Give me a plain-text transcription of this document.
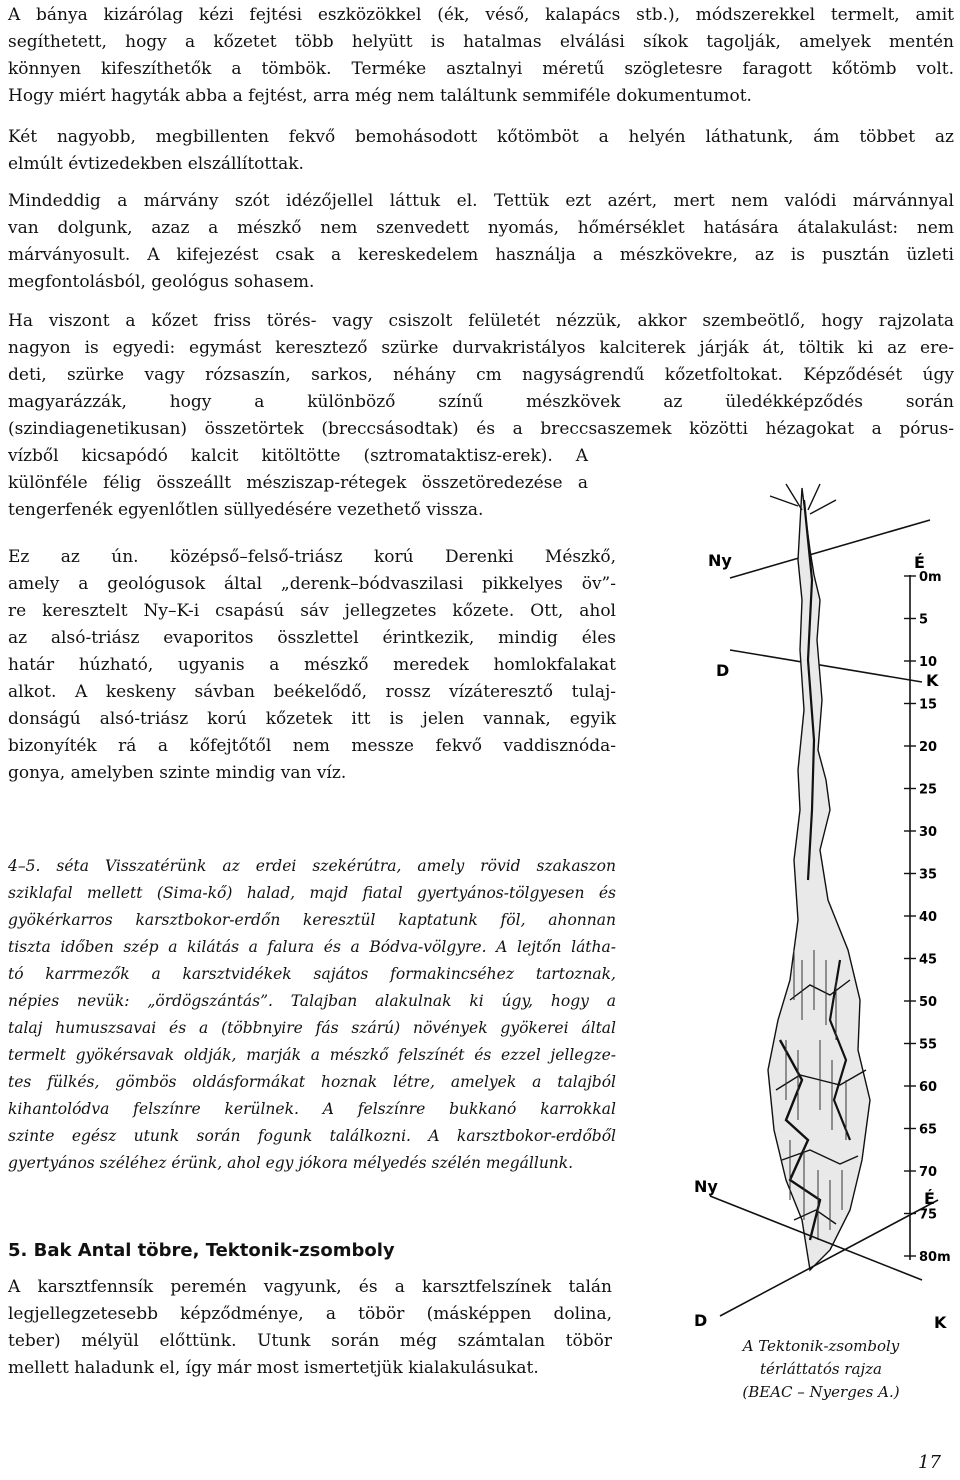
A bánya kizárólag kézi fejtési eszközökkel (ék, véső, kalapács stb.), módszerekkel termelt, amit
segíthetett, hogy a kőzetet több helyütt is hatalmas elválási síkok tagolják, amelyek mentén
könnyen kifeszíthetők a tömbök. Terméke asztalnyi méretű szögletesre faragott kőtömb volt.
Hogy miért hagyták abba a fejtést, arra még nem találtunk semmiféle dokumentumot.
Két nagyobb, megbillenten fekvő bemohásodott kőtömböt a helyén láthatunk, ám többet az
elmúlt évtizedekben elszállítottak.
Mindeddig a márvány szót idézőjellel láttuk el. Tettük ezt azért, mert nem valódi márvánnyal
van dolgunk, azaz a mészkő nem szenvedett nyomás, hőmérséklet hatására átalakulást: nem
márványosult. A kifejezést csak a kereskedelem használja a mészkövekre, az is pusztán üzleti
megfontolásból, geológus sohasem.
Ha viszont a kőzet friss törés- vagy csiszolt felületét nézzük, akkor szembeötlő, hogy rajzolata
nagyon is egyedi: egymást keresztező szürke durvakristályos kalciterek járják át, töltik ki az ere-
deti, szürke vagy rózsaszín, sarkos, néhány cm nagyságrendű kőzetfoltokat. Képződését úgy
magyarázzák, hogy a különböző színű mészkövek az üledékképződés során
(szindiagenetikusan) összetörtek (breccsásodtak) és a breccsaszemek közötti hézagokat a pórus-
vízből kicsapódó kalcit kitöltötte (sztromataktisz-erek). A
különféle félig összeállt mésziszap-rétegek összetöredezése a
tengerfenék egyenlőtlen süllyedésére vezethető vissza.
Ez az ún. középső–felső-triász korú Derenki Mészkő,
amely a geológusok által „derenk–bódvaszilasi pikkelyes öv”-
re keresztelt Ny–K-i csapású sáv jellegzetes kőzete. Ott, ahol
az alsó-triász evaporitos összlettel érintkezik, mindig éles
határ húzható, ugyanis a mészkő meredek homlokfalakat
alkot. A keskeny sávban beékelődő, rossz vízáteresztő tulaj-
donságú alsó-triász korú kőzetek itt is jelen vannak, egyik
bizonyíték rá a kőfejtőtől nem messze fekvő vaddisznóda-
gonya, amelyben szinte mindig van víz.
4–5. séta Visszatérünk az erdei szekérútra, amely rövid szakaszon
sziklafal mellett (Sima-kő) halad, majd fiatal gyertyános-tölgyesen és
gyökérkarros karsztbokor-erdőn keresztül kaptatunk föl, ahonnan
tiszta időben szép a kilátás a falura és a Bódva-völgyre. A lejtőn látha-
tó karrmezők a karsztvidékek sajátos formakincséhez tartoznak,
népies nevük: „ördögszántás”. Talajban alakulnak ki úgy, hogy a
talaj humuszsavai és a (többnyire fás szárú) növények gyökerei által
termelt gyökérsavak oldják, marják a mészkő felszínét és ezzel jellegze-
tes fülkés, gömbös oldásformákat hoznak létre, amelyek a talajból
kihantolódva felszínre kerülnek. A felszínre bukkanó karrokkal
szinte egész utunk során fogunk találkozni. A karsztbokor-erdőből
gyertyános széléhez érünk, ahol egy jókora mélyedés szélén megállunk.
5. Bak Antal töbre, Tektonik-zsomboly
A karsztfennsík peremén vagyunk, és a karsztfelszínek talán
legjellegzetesebb képződménye, a töbör (másképpen dolina,
teber) mélyül előttünk. Utunk során még számtalan töbör
mellett haladunk el, így már most ismertetjük kialakulásukat.
Ny	É
D
K
0m
5
10
15
20
25
30
35
40
45
50
55
60
65
70
75
80m
Ny
É
D	K
A Tektonik-zsomboly
térláttatós rajza
(BEAC – Nyerges A.)
17
